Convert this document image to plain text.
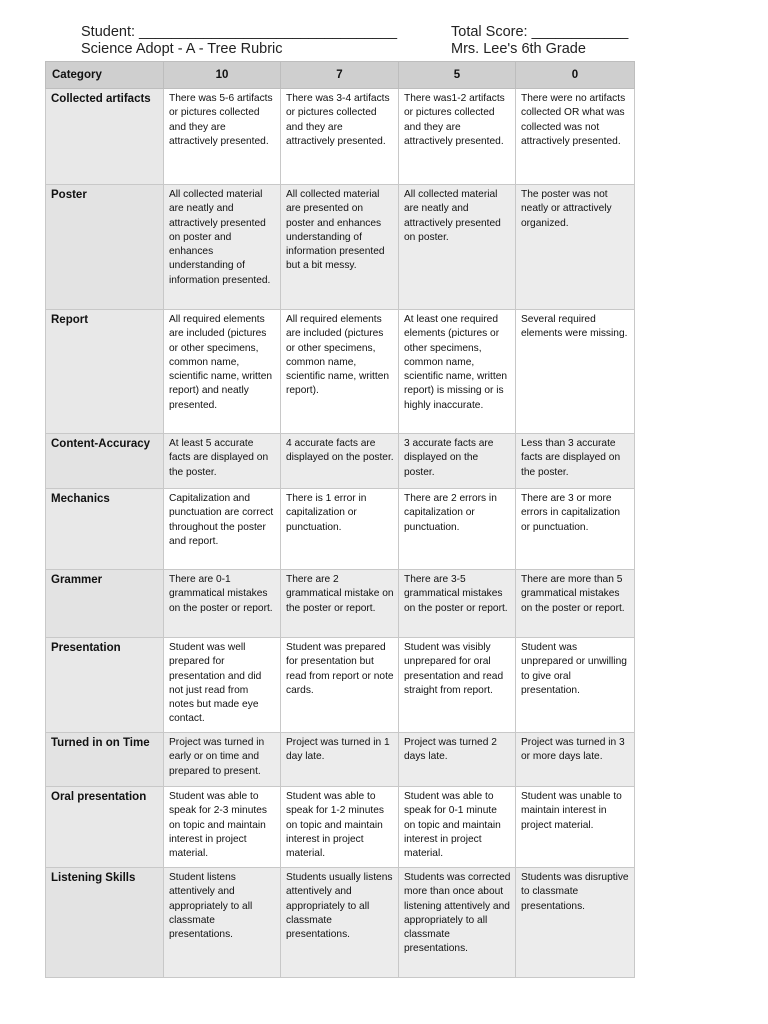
Student: ________________________________	Total Score: ____________
Science Adopt - A - Tree Rubric	Mrs. Lee's 6th Grade
Category	10	7	5	0
Collected artifacts	There was 5-6 artifacts or pictures collected and they are attractively presented.	There was 3-4 artifacts or pictures collected and they are attractively presented.	There was1-2 artifacts or pictures collected and they are attractively presented.	There were no artifacts collected OR what was collected was not attractively presented.
Poster	All collected material are neatly and attractively presented on poster and enhances understanding of information presented.	All collected material are presented on poster and enhances understanding of information presented but a bit messy.	All collected material are neatly and attractively presented on poster.	The poster was not neatly or attractively organized.
Report	All required elements are included (pictures or other specimens, common name, scientific name, written report) and neatly presented.	All required elements are included (pictures or other specimens, common name, scientific name, written report).	At least one required elements (pictures or other specimens, common name, scientific name, written report) is missing or is highly inaccurate.	Several required elements were missing.
Content-Accuracy	At least 5 accurate facts are displayed on the poster.	4 accurate facts are displayed on the poster.	3 accurate facts are displayed on the poster.	Less than 3 accurate facts are displayed on the poster.
Mechanics	Capitalization and punctuation are correct throughout the poster and report.	There is 1 error in capitalization or punctuation.	There are 2 errors in capitalization or punctuation.	There are 3 or more errors in capitalization or punctuation.
Grammer	There are 0-1 grammatical mistakes on the poster or report.	There are 2 grammatical mistake on the poster or report.	There are 3-5 grammatical mistakes on the poster or report.	There are more than 5 grammatical mistakes on the poster or report.
Presentation	Student was well prepared for presentation and did not just read from notes but made eye contact.	Student was prepared for presentation but read from report or note cards.	Student was visibly unprepared for oral presentation and read straight from report.	Student was unprepared or unwilling to give oral presentation.
Turned in on Time	Project was turned in early or on time and prepared to present.	Project was turned in 1 day late.	Project was turned 2 days late.	Project was turned in 3 or more days late.
Oral presentation	Student was able to speak for 2-3 minutes on topic and maintain interest in project material.	Student was able to speak for 1-2 minutes on topic and maintain interest in project material.	Student was able to speak for 0-1 minute on topic and maintain interest in project material.	Student was unable to maintain interest in project material.
Listening Skills	Student listens attentively and appropriately to all classmate presentations.	Students usually listens attentively and appropriately to all classmate presentations.	Students was corrected more than once about listening attentively and appropriately to all classmate presentations.	Students was disruptive to classmate presentations.
